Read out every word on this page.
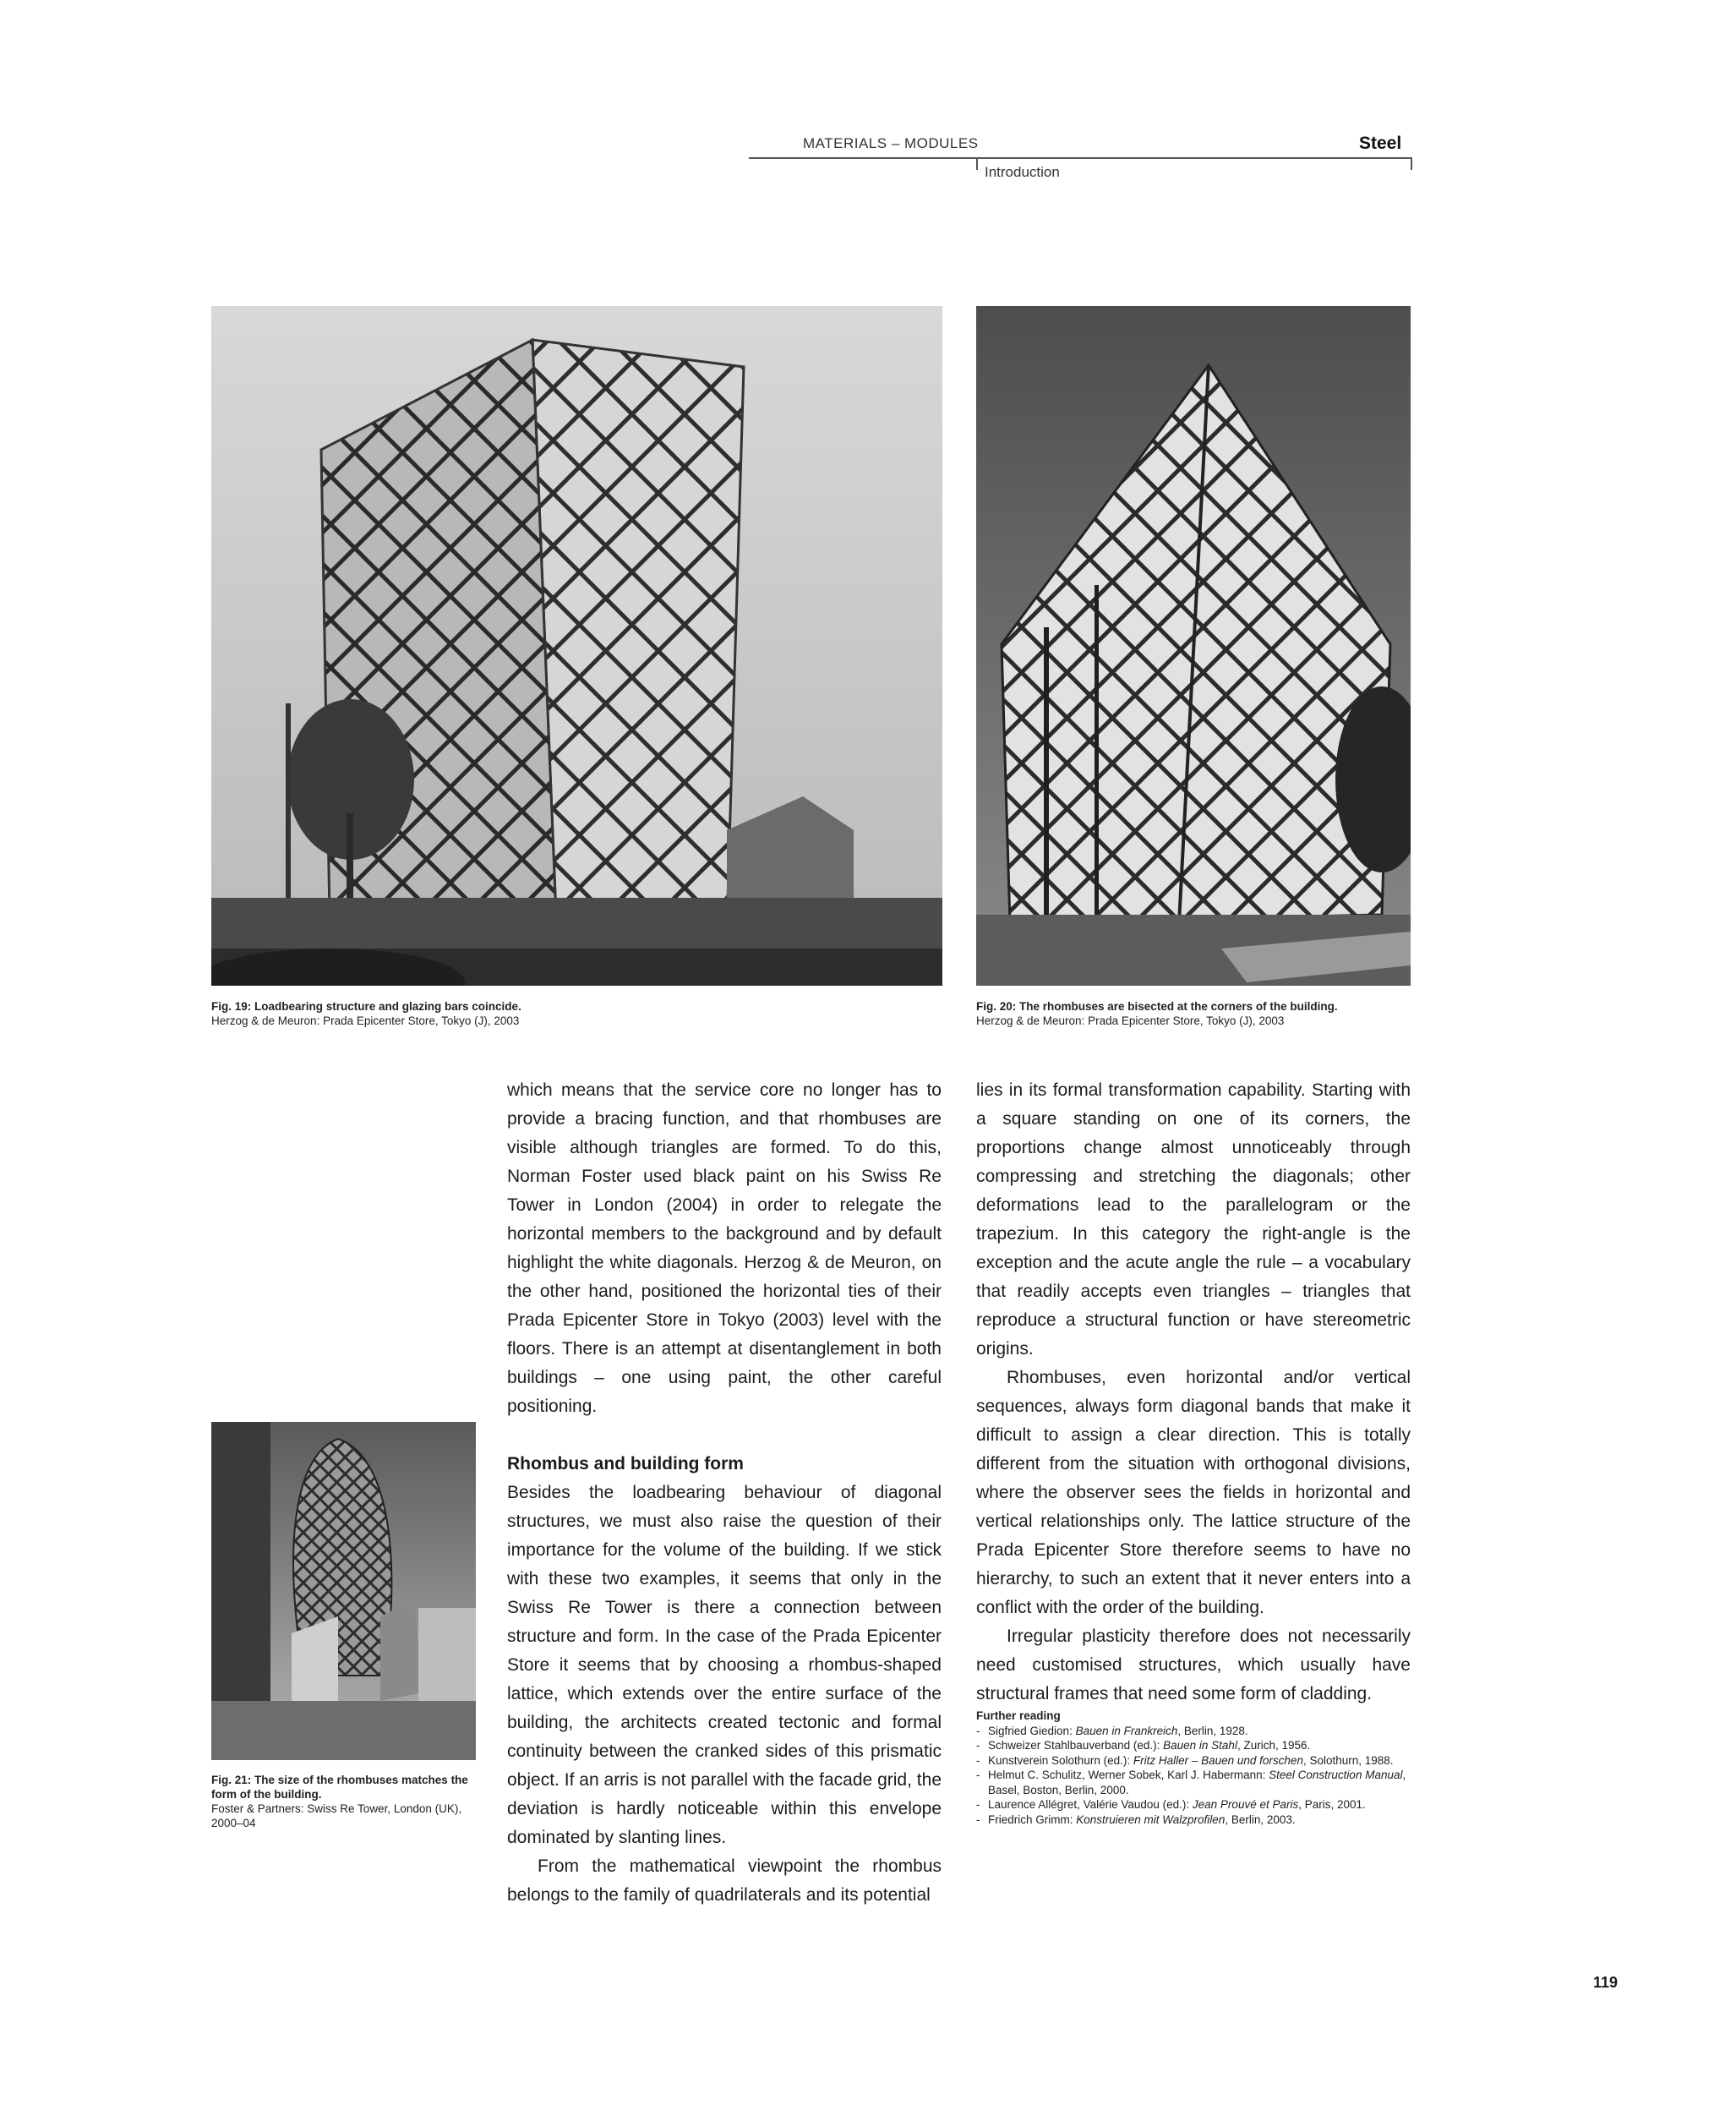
MATERIALS – MODULES	Steel
Introduction
Fig. 19: Loadbearing structure and glazing bars coincide.
Herzog & de Meuron: Prada Epicenter Store, Tokyo (J), 2003
Fig. 20: The rhombuses are bisected at the corners of the building.
Herzog & de Meuron: Prada Epicenter Store, Tokyo (J), 2003
Fig. 21: The size of the rhombuses matches the form of the building.
Foster & Partners: Swiss Re Tower, London (UK), 2000–04

which means that the service core no longer has to provide a bracing function, and that rhombuses are visible although triangles are formed. To do this, Norman Foster used black paint on his Swiss Re Tower in London (2004) in order to relegate the horizontal members to the background and by default highlight the white diagonals. Herzog & de Meuron, on the other hand, positioned the horizontal ties of their Prada Epicenter Store in Tokyo (2003) level with the floors. There is an attempt at disentanglement in both buildings – one using paint, the other careful positioning.

Rhombus and building form

Besides the loadbearing behaviour of diagonal structures, we must also raise the question of their importance for the volume of the building. If we stick with these two examples, it seems that only in the Swiss Re Tower is there a connection between structure and form. In the case of the Prada Epicenter Store it seems that by choosing a rhombus-shaped lattice, which extends over the entire surface of the building, the architects created tectonic and formal continuity between the cranked sides of this prismatic object. If an arris is not parallel with the facade grid, the deviation is hardly noticeable within this envelope dominated by slanting lines.

From the mathematical viewpoint the rhombus belongs to the family of quadrilaterals and its potential

lies in its formal transformation capability. Starting with a square standing on one of its corners, the proportions change almost unnoticeably through compressing and stretching the diagonals; other deformations lead to the parallelogram or the trapezium. In this category the right-angle is the exception and the acute angle the rule – a vocabulary that readily accepts even triangles – triangles that reproduce a structural function or have stereometric origins.

Rhombuses, even horizontal and/or vertical sequences, always form diagonal bands that make it difficult to assign a clear direction. This is totally different from the situation with orthogonal divisions, where the observer sees the fields in horizontal and vertical relationships only. The lattice structure of the Prada Epicenter Store therefore seems to have no hierarchy, to such an extent that it never enters into a conflict with the order of the building.

Irregular plasticity therefore does not necessarily need customised structures, which usually have structural frames that need some form of cladding.

Further reading
- Sigfried Giedion: Bauen in Frankreich, Berlin, 1928.
- Schweizer Stahlbauverband (ed.): Bauen in Stahl, Zurich, 1956.
- Kunstverein Solothurn (ed.): Fritz Haller – Bauen und forschen, Solothurn, 1988.
- Helmut C. Schulitz, Werner Sobek, Karl J. Habermann: Steel Construction Manual, Basel, Boston, Berlin, 2000.
- Laurence Allégret, Valérie Vaudou (ed.): Jean Prouvé et Paris, Paris, 2001.
- Friedrich Grimm: Konstruieren mit Walzprofilen, Berlin, 2003.
119
